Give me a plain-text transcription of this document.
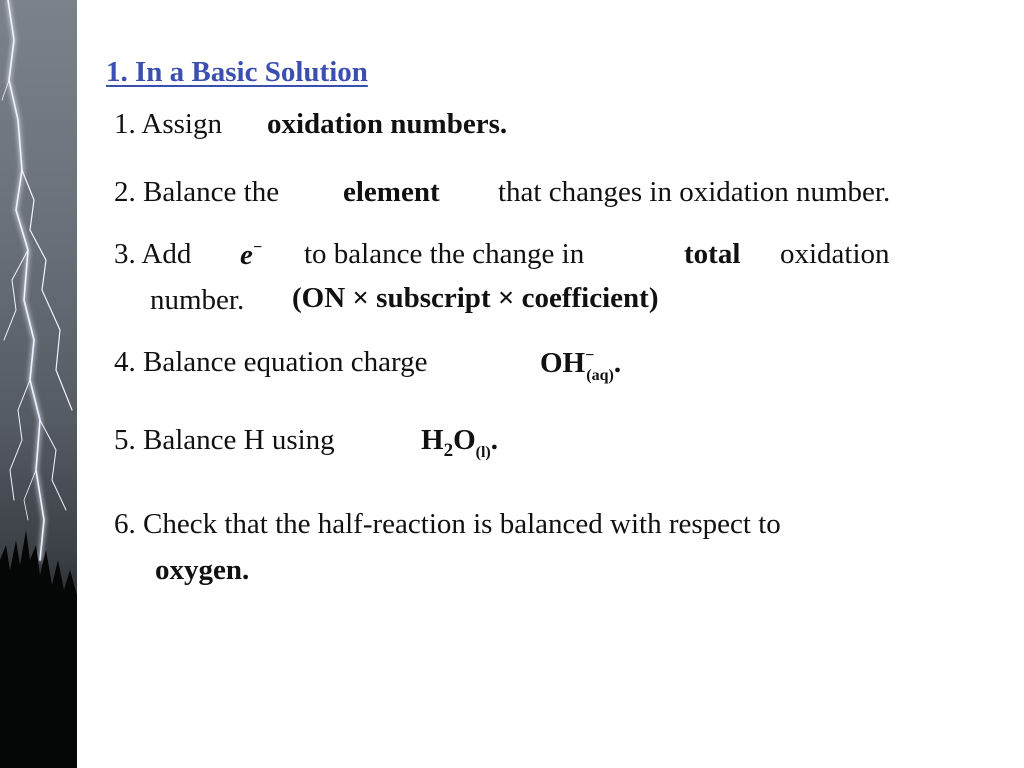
1. In a Basic Solution
1. Assign oxidation numbers.
2. Balance the element that changes in oxidation number.
3. Add e− to balance the change in	total oxidation
number. (ON × subscript × coefficient)
4. Balance equation charge	$OH^-_{(aq)}$.
5. Balance H using	$H_2O_{(l)}$.
6. Check that the half-reaction is balanced with respect to
oxygen.
